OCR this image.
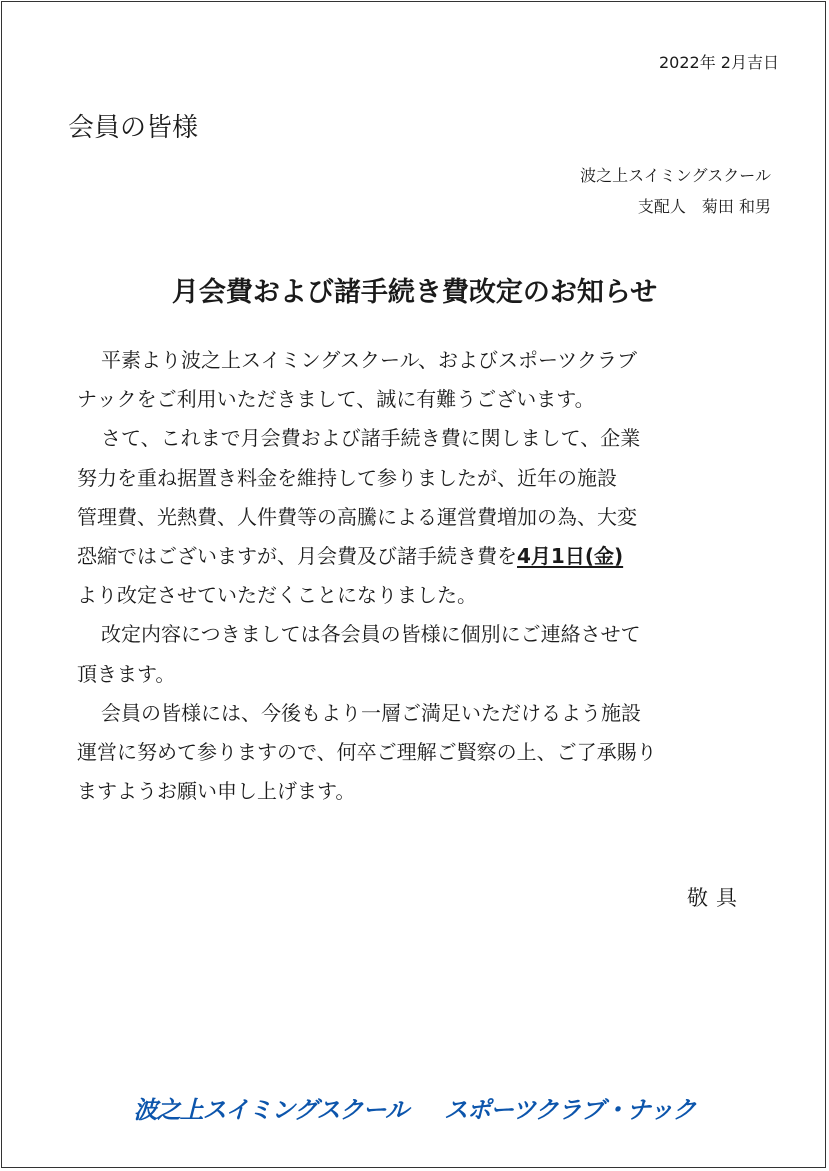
2022年 2月吉日
会員の皆様
波之上スイミングスクール
支配人　菊田 和男
月会費および諸手続き費改定のお知らせ
平素より波之上スイミングスクール、およびスポーツクラブ
ナックをご利用いただきまして、誠に有難うございます。
さて、これまで月会費および諸手続き費に関しまして、企業
努力を重ね据置き料金を維持して参りましたが、近年の施設
管理費、光熱費、人件費等の高騰による運営費増加の為、大変
恐縮ではございますが、月会費及び諸手続き費を4月1日(金)
より改定させていただくことになりました。
改定内容につきましては各会員の皆様に個別にご連絡させて
頂きます。
会員の皆様には、今後もより一層ご満足いただけるよう施設
運営に努めて参りますので、何卒ご理解ご賢察の上、ご了承賜り
ますようお願い申し上げます。
敬具
波之上スイミングスクール スポーツクラブ・ナック
